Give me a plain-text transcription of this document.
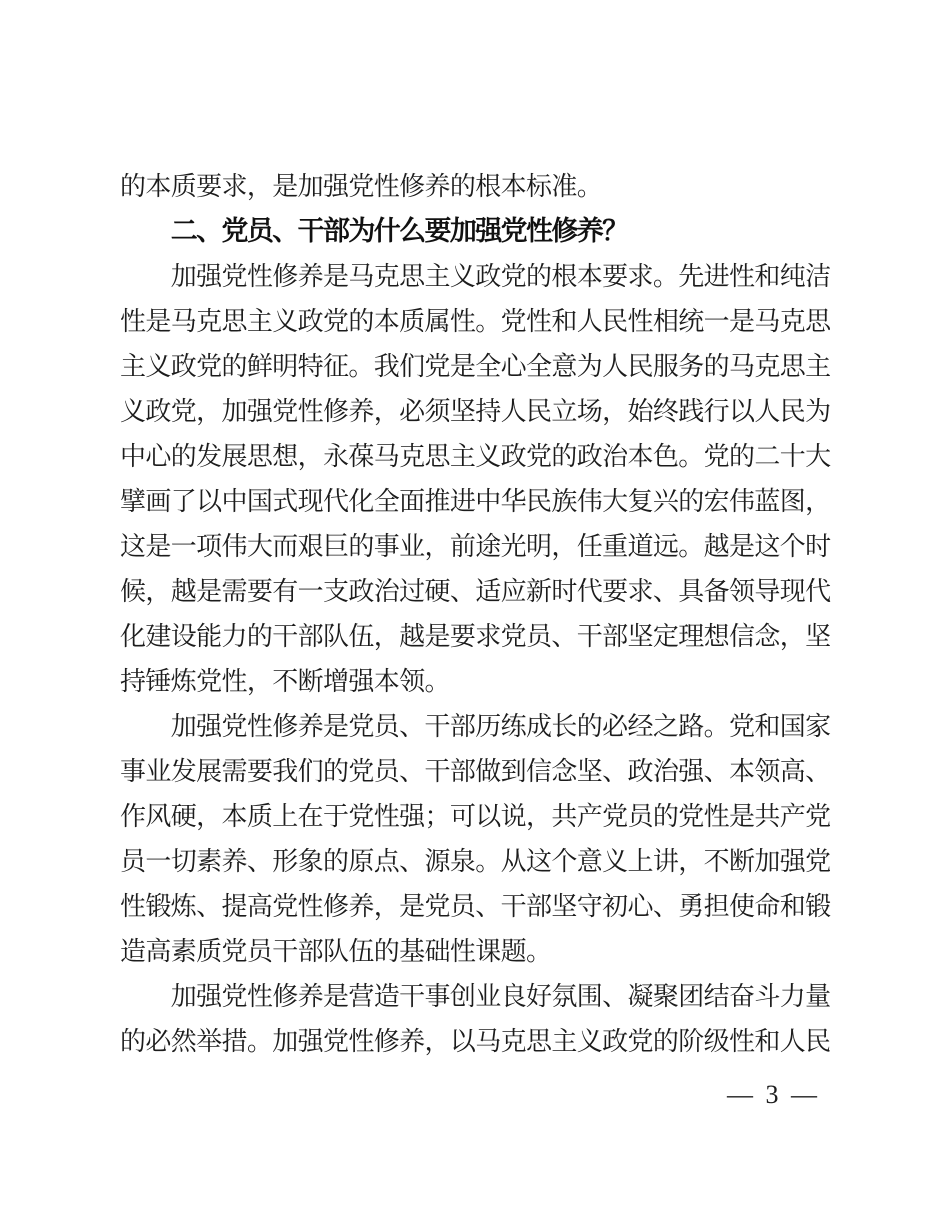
的 本 质 要 求 ， 是 加 强 党 性 修 养 的 根 本 标 准 。
二
、
党
员
、
干
部
为
什
么
要
加
强
党
性
修
养
？
加 强 党 性 修 养 是 马 克 思 主 义 政 党 的 根 本 要 求 。 先 进 性 和 纯 洁
性 是 马 克 思 主 义 政 党 的 本 质 属 性 。 党 性 和 人 民 性 相 统 一 是 马 克 思
主 义 政 党 的 鲜 明 特 征 。 我 们 党 是 全 心 全 意 为 人 民 服 务 的 马 克 思 主
义 政 党 ， 加 强 党 性 修 养 ， 必 须 坚 持 人 民 立 场 ， 始 终 践 行 以 人 民 为
中 心 的 发 展 思 想 ， 永 葆 马 克 思 主 义 政 党 的 政 治 本 色 。 党 的 二 十 大
擘 画 了 以 中 国 式 现 代 化 全 面 推 进 中 华 民 族 伟 大 复 兴 的 宏 伟 蓝 图 ，
这 是 一 项 伟 大 而 艰 巨 的 事 业 ， 前 途 光 明 ， 任 重 道 远 。 越 是 这 个 时
候 ， 越 是 需 要 有 一 支 政 治 过 硬 、 适 应 新 时 代 要 求 、 具 备 领 导 现 代
化 建 设 能 力 的 干 部 队 伍 ， 越 是 要 求 党 员 、 干 部 坚 定 理 想 信 念 ， 坚
持 锤 炼 党 性 ， 不 断 增 强 本 领 。
加 强 党 性 修 养 是 党 员 、 干 部 历 练 成 长 的 必 经 之 路 。 党 和 国 家
事 业 发 展 需 要 我 们 的 党 员 、 干 部 做 到 信 念 坚 、 政 治 强 、 本 领 高 、
作 风 硬 ， 本 质 上 在 于 党 性 强 ； 可 以 说 ， 共 产 党 员 的 党 性 是 共 产 党
员 一 切 素 养 、 形 象 的 原 点 、 源 泉 。 从 这 个 意 义 上 讲 ， 不 断 加 强 党
性 锻 炼 、 提 高 党 性 修 养 ， 是 党 员 、 干 部 坚 守 初 心 、 勇 担 使 命 和 锻
造 高 素 质 党 员 干 部 队 伍 的 基 础 性 课 题 。
加 强 党 性 修 养 是 营 造 干 事 创 业 良 好 氛 围 、 凝 聚 团 结 奋 斗 力 量
的 必 然 举 措 。 加 强 党 性 修 养 ， 以 马 克 思 主 义 政 党 的 阶 级 性 和 人 民
— 3 —
